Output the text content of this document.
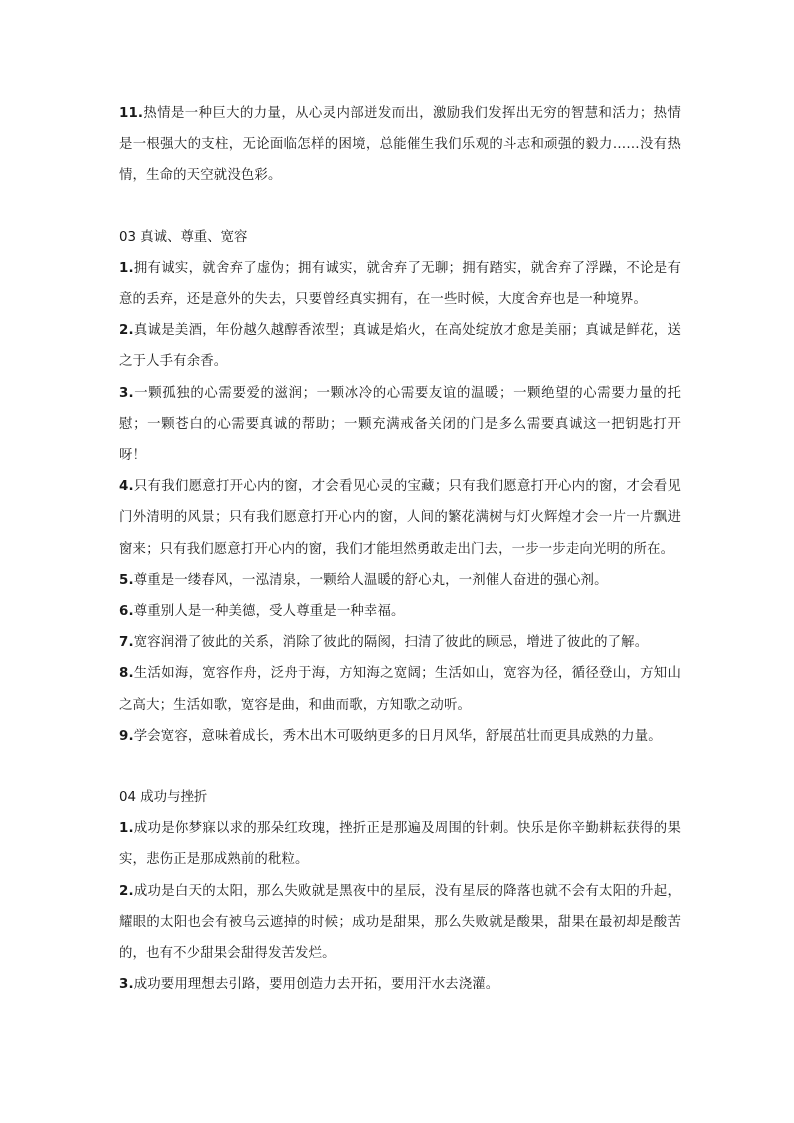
11.热情是一种巨大的力量，从心灵内部迸发而出，激励我们发挥出无穷的智慧和活力；热情是一根强大的支柱，无论面临怎样的困境，总能催生我们乐观的斗志和顽强的毅力……没有热情，生命的天空就没色彩。

03 真诚、尊重、宽容

1.拥有诚实，就舍弃了虚伪；拥有诚实，就舍弃了无聊；拥有踏实，就舍弃了浮躁，不论是有意的丢弃，还是意外的失去，只要曾经真实拥有，在一些时候，大度舍弃也是一种境界。

2.真诚是美酒，年份越久越醇香浓型；真诚是焰火，在高处绽放才愈是美丽；真诚是鲜花，送之于人手有余香。

3.一颗孤独的心需要爱的滋润；一颗冰冷的心需要友谊的温暖；一颗绝望的心需要力量的托慰；一颗苍白的心需要真诚的帮助；一颗充满戒备关闭的门是多么需要真诚这一把钥匙打开呀！

4.只有我们愿意打开心内的窗，才会看见心灵的宝藏；只有我们愿意打开心内的窗，才会看见门外清明的风景；只有我们愿意打开心内的窗，人间的繁花满树与灯火辉煌才会一片一片飘进窗来；只有我们愿意打开心内的窗，我们才能坦然勇敢走出门去，一步一步走向光明的所在。

5.尊重是一缕春风，一泓清泉，一颗给人温暖的舒心丸，一剂催人奋进的强心剂。

6.尊重别人是一种美德，受人尊重是一种幸福。

7.宽容润滑了彼此的关系，消除了彼此的隔阂，扫清了彼此的顾忌，增进了彼此的了解。

8.生活如海，宽容作舟，泛舟于海，方知海之宽阔；生活如山，宽容为径，循径登山，方知山之高大；生活如歌，宽容是曲，和曲而歌，方知歌之动听。

9.学会宽容，意味着成长，秀木出木可吸纳更多的日月风华，舒展茁壮而更具成熟的力量。

04 成功与挫折

1.成功是你梦寐以求的那朵红玫瑰，挫折正是那遍及周围的针刺。快乐是你辛勤耕耘获得的果实，悲伤正是那成熟前的秕粒。

2.成功是白天的太阳，那么失败就是黑夜中的星辰，没有星辰的降落也就不会有太阳的升起，耀眼的太阳也会有被乌云遮掉的时候；成功是甜果，那么失败就是酸果，甜果在最初却是酸苦的，也有不少甜果会甜得发苦发烂。

3.成功要用理想去引路，要用创造力去开拓，要用汗水去浇灌。
